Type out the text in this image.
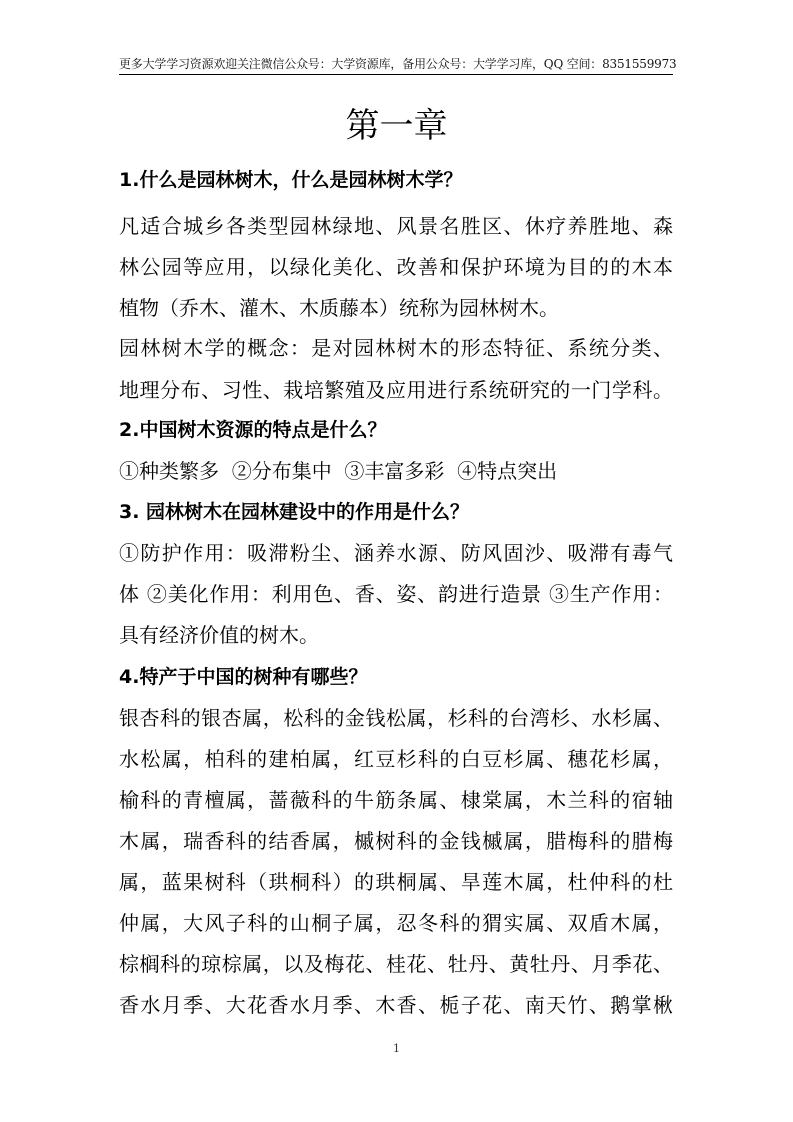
更多大学学习资源欢迎关注微信公众号：大学资源库，备用公众号：大学学习库，QQ 空间：8351559973
第一章
1.什么是园林树木，什么是园林树木学？
凡适合城乡各类型园林绿地、风景名胜区、休疗养胜地、森
林公园等应用，以绿化美化、改善和保护环境为目的的木本
植物（乔木、灌木、木质藤本）统称为园林树木。
园林树木学的概念：是对园林树木的形态特征、系统分类、
地理分布、习性、栽培繁殖及应用进行系统研究的一门学科。
2.中国树木资源的特点是什么？
①种类繁多  ②分布集中  ③丰富多彩  ④特点突出
3. 园林树木在园林建设中的作用是什么？
①防护作用：吸滞粉尘、涵养水源、防风固沙、吸滞有毒气
体 ②美化作用：利用色、香、姿、韵进行造景 ③生产作用：
具有经济价值的树木。
4.特产于中国的树种有哪些？
银杏科的银杏属，松科的金钱松属，杉科的台湾杉、水杉属、
水松属，柏科的建柏属，红豆杉科的白豆杉属、穗花杉属，
榆科的青檀属，蔷薇科的牛筋条属、棣棠属，木兰科的宿轴
木属，瑞香科的结香属，槭树科的金钱槭属，腊梅科的腊梅
属，蓝果树科（珙桐科）的珙桐属、旱莲木属，杜仲科的杜
仲属，大风子科的山桐子属，忍冬科的猬实属、双盾木属，
棕榈科的琼棕属，以及梅花、桂花、牡丹、黄牡丹、月季花、
香水月季、大花香水月季、木香、栀子花、南天竹、鹅掌楸
1
